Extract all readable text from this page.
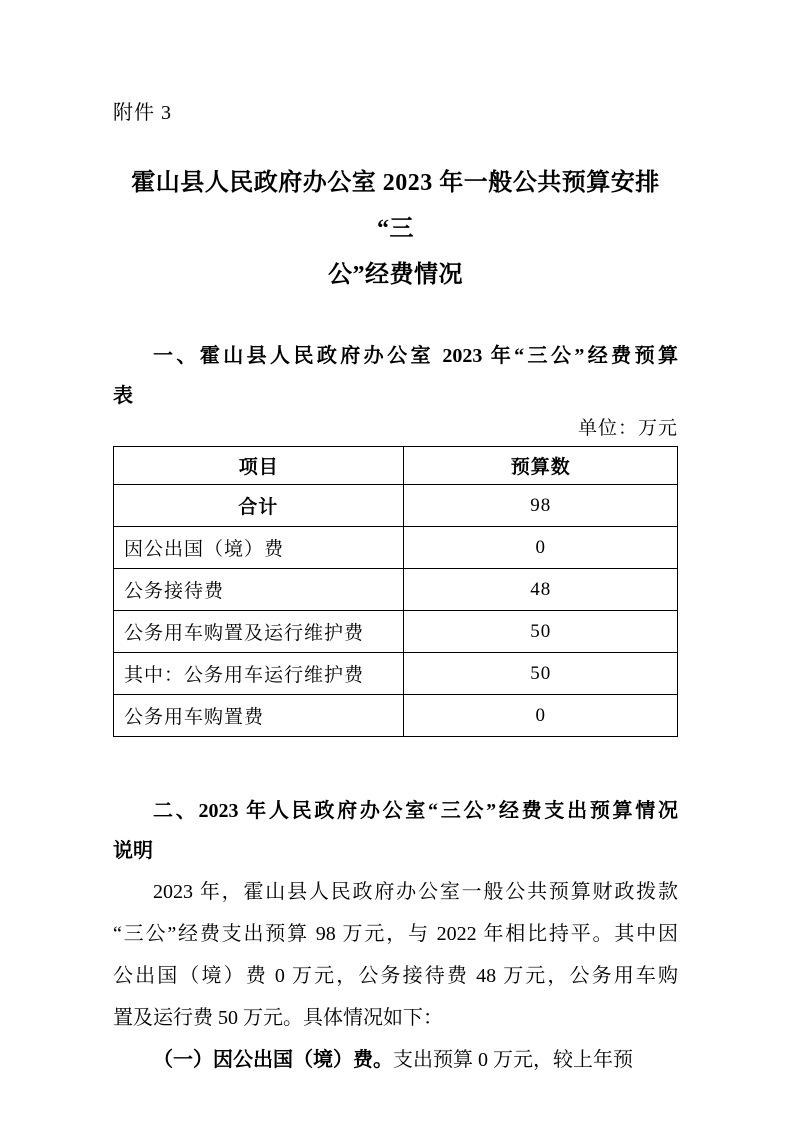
附件 3
霍山县人民政府办公室 2023 年一般公共预算安排“三
公”经费情况
一、霍山县人民政府办公室 2023 年“三公”经费预算
表
单位：万元
项目	预算数
合计	98
因公出国（境）费	0
公务接待费	48
公务用车购置及运行维护费	50
其中：公务用车运行维护费	50
公务用车购置费	0
二、2023 年人民政府办公室“三公”经费支出预算情况
说明
2023 年，霍山县人民政府办公室一般公共预算财政拨款
“三公”经费支出预算 98 万元，与 2022 年相比持平。其中因
公出国（境）费 0 万元，公务接待费 48 万元，公务用车购
置及运行费 50 万元。具体情况如下：
（一）因公出国（境）费。支出预算 0 万元，较上年预
